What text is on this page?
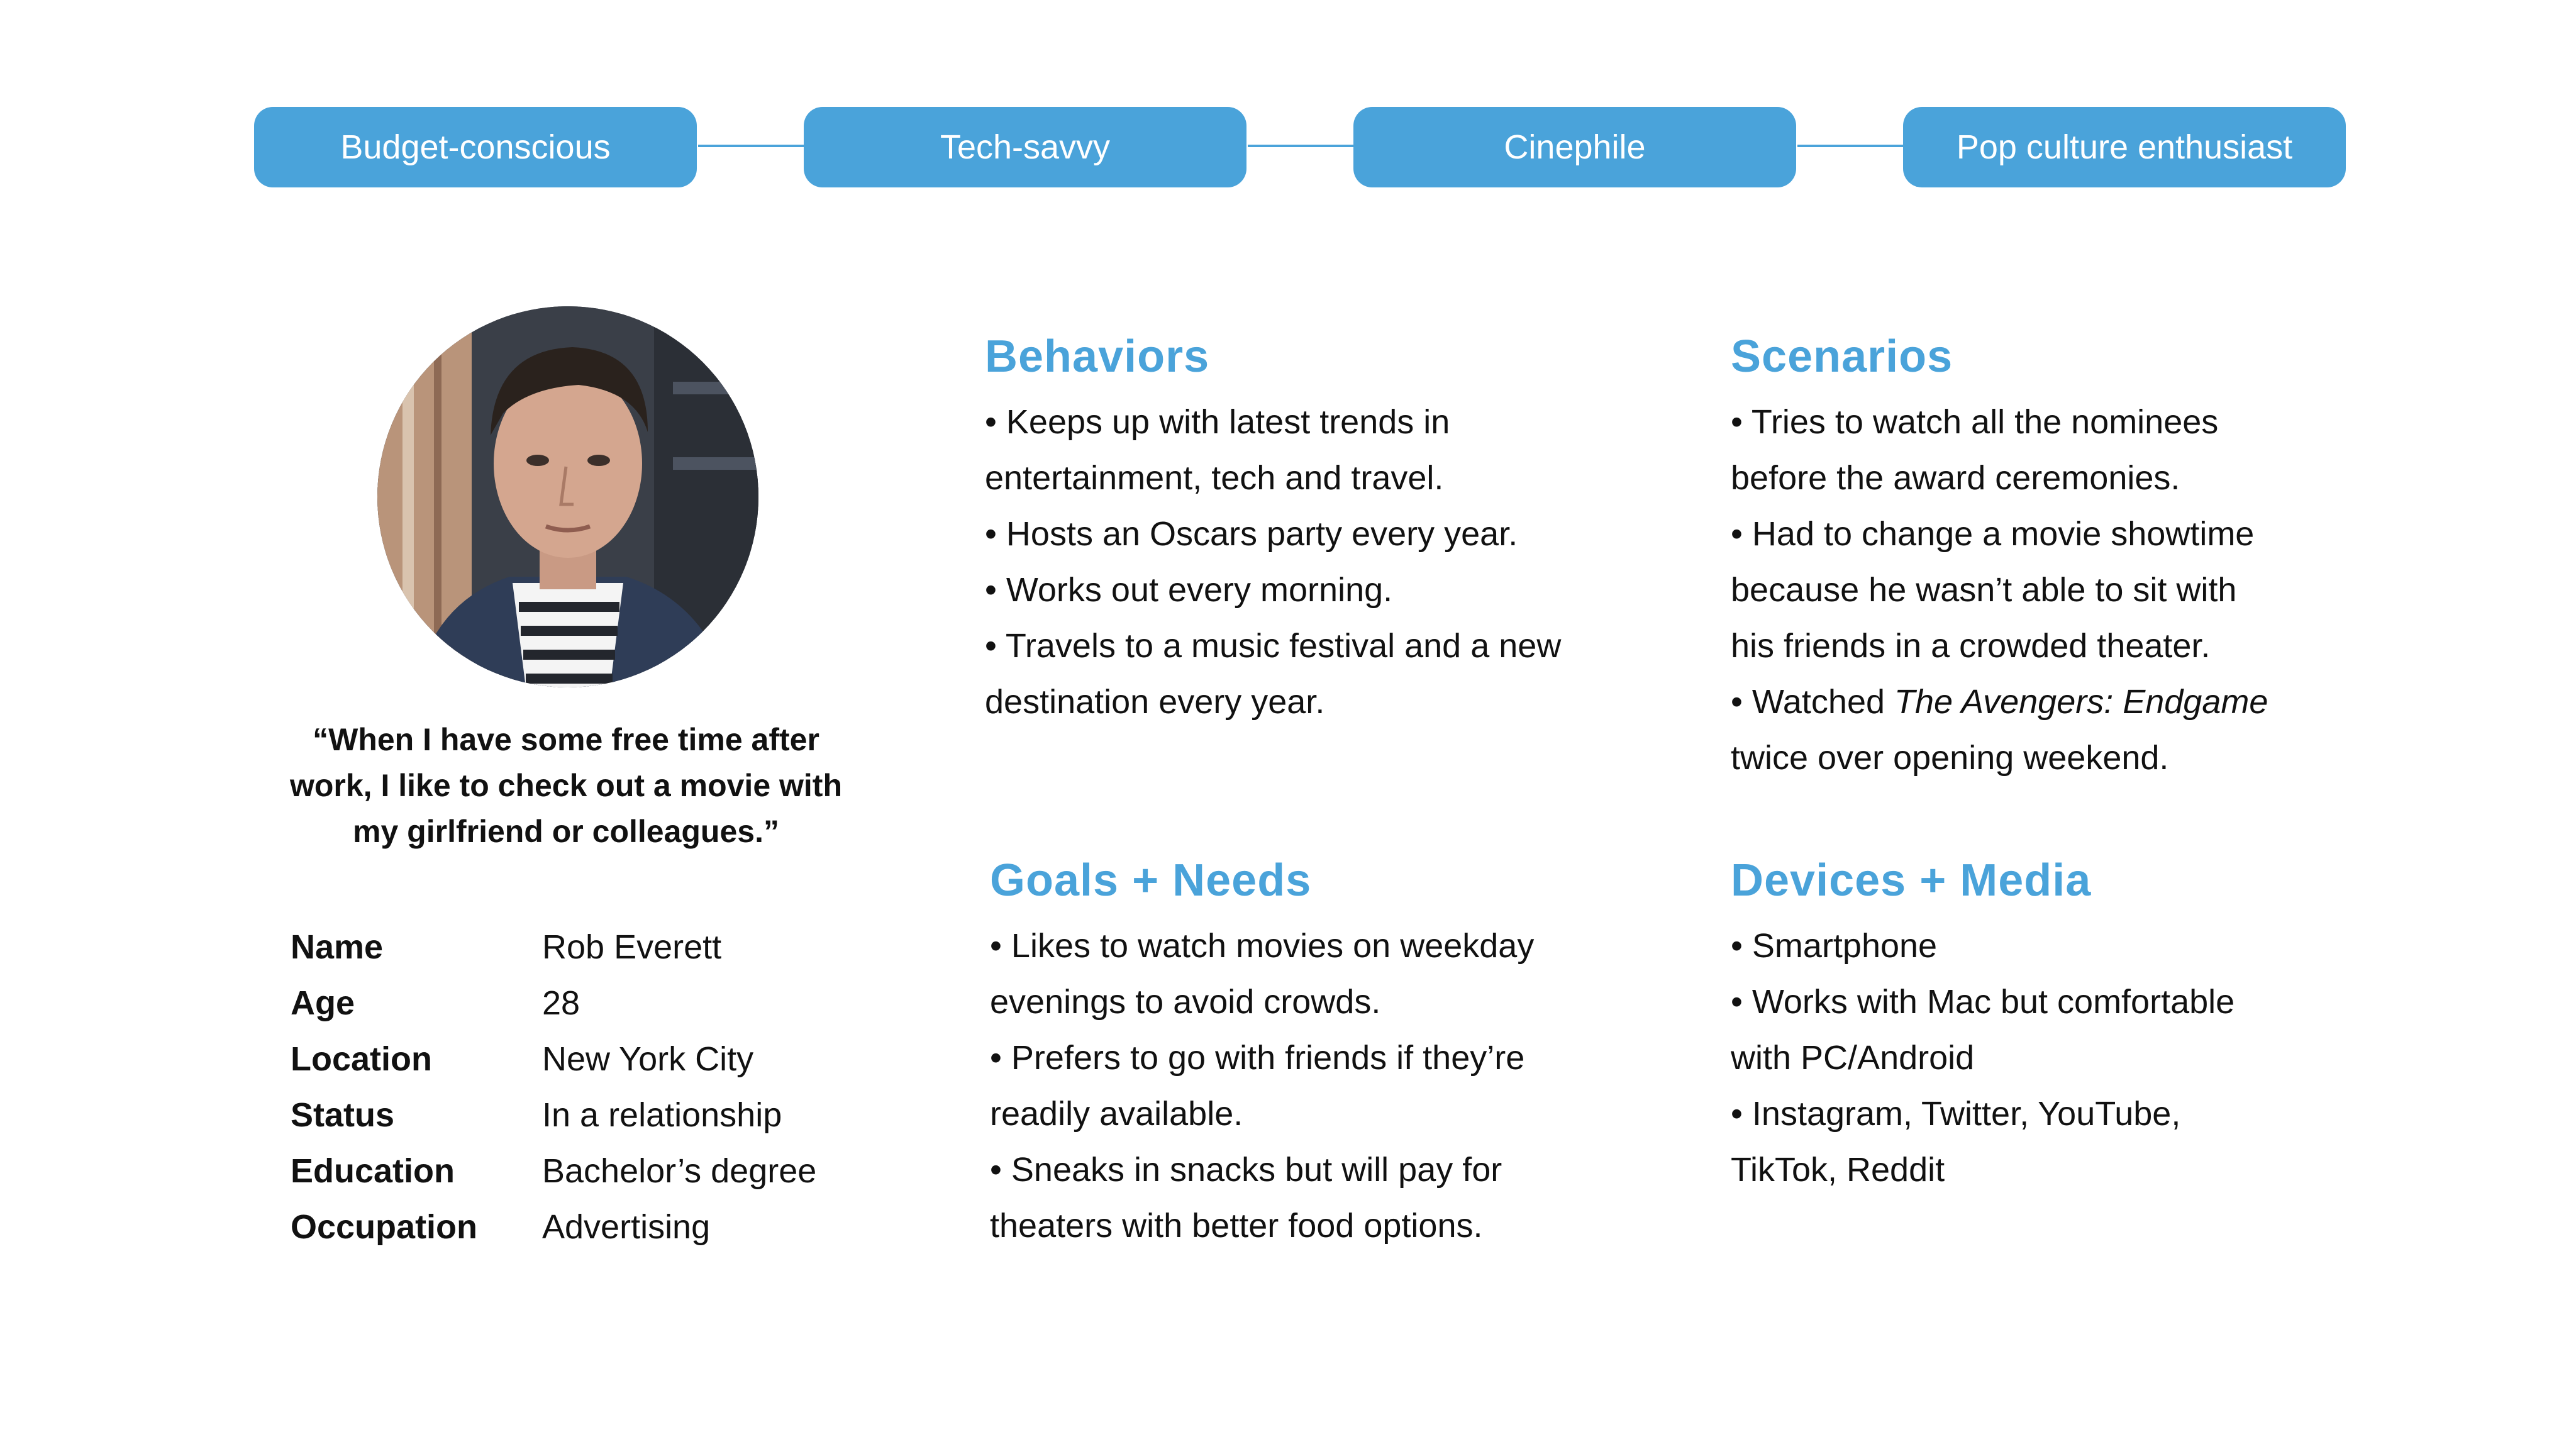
Budget-conscious	Tech-savvy	Cinephile	Pop culture enthusiast
“When I have some free time after
work, I like to check out a movie with
my girlfriend or colleagues.”
Name	Rob Everett
Age	28
Location	New York City
Status	In a relationship
Education	Bachelor’s degree
Occupation Advertising
Behaviors
• Keeps up with latest trends in
entertainment, tech and travel.
• Hosts an Oscars party every year.
• Works out every morning.
• Travels to a music festival and a new
destination every year.
Scenarios
• Tries to watch all the nominees
before the award ceremonies.
• Had to change a movie showtime
because he wasn’t able to sit with
his friends in a crowded theater.
• Watched The Avengers: Endgame
twice over opening weekend.
Goals + Needs
• Likes to watch movies on weekday
evenings to avoid crowds.
• Prefers to go with friends if they’re
readily available.
• Sneaks in snacks but will pay for
theaters with better food options.
Devices + Media
• Smartphone
• Works with Mac but comfortable
with PC/Android
• Instagram, Twitter, YouTube,
TikTok, Reddit
